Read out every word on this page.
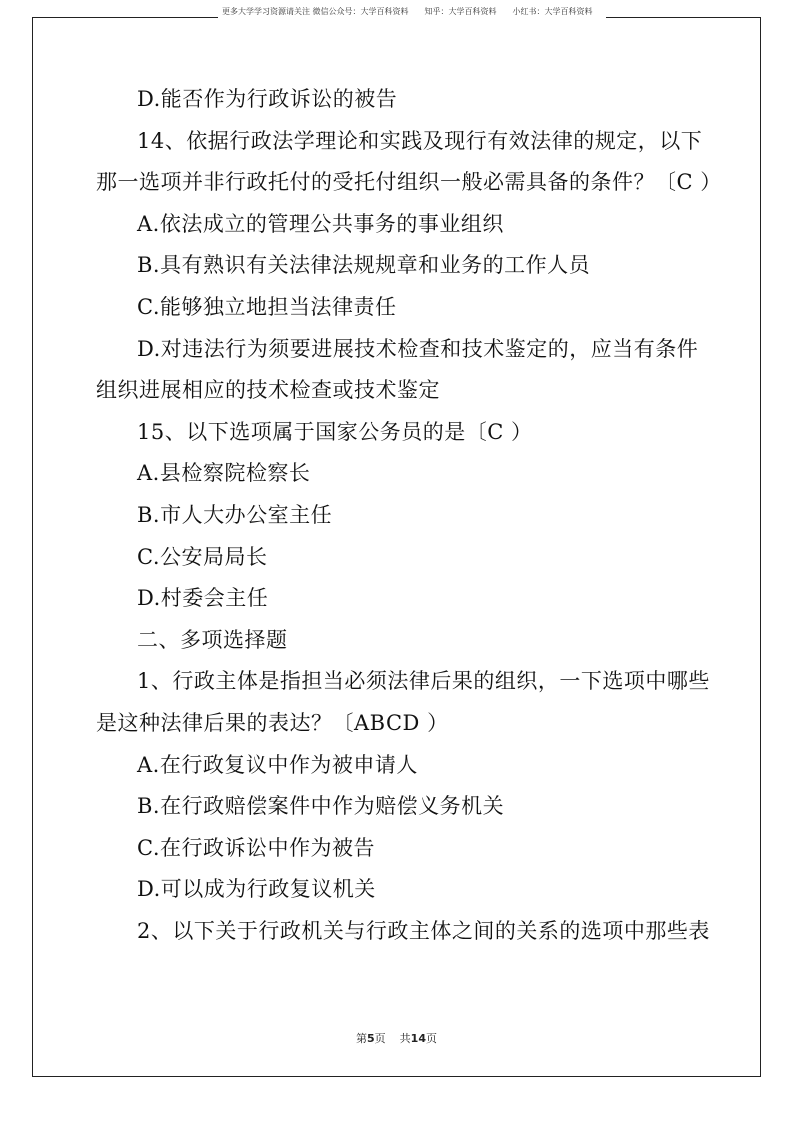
更多大学学习资源请关注 微信公众号：大学百科资料 知乎：大学百科资料 小红书：大学百科资料
D.能否作为行政诉讼的被告
14、依据行政法学理论和实践及现行有效法律的规定，以下
那一选项并非行政托付的受托付组织一般必需具备的条件？〔C ）
A.依法成立的管理公共事务的事业组织
B.具有熟识有关法律法规规章和业务的工作人员
C.能够独立地担当法律责任
D.对违法行为须要进展技术检查和技术鉴定的，应当有条件
组织进展相应的技术检查或技术鉴定
15、以下选项属于国家公务员的是〔C ）
A.县检察院检察长
B.市人大办公室主任
C.公安局局长
D.村委会主任
二、多项选择题
1、行政主体是指担当必须法律后果的组织，一下选项中哪些
是这种法律后果的表达？〔ABCD ）
A.在行政复议中作为被申请人
B.在行政赔偿案件中作为赔偿义务机关
C.在行政诉讼中作为被告
D.可以成为行政复议机关
2、以下关于行政机关与行政主体之间的关系的选项中那些表
第5页 共14页
